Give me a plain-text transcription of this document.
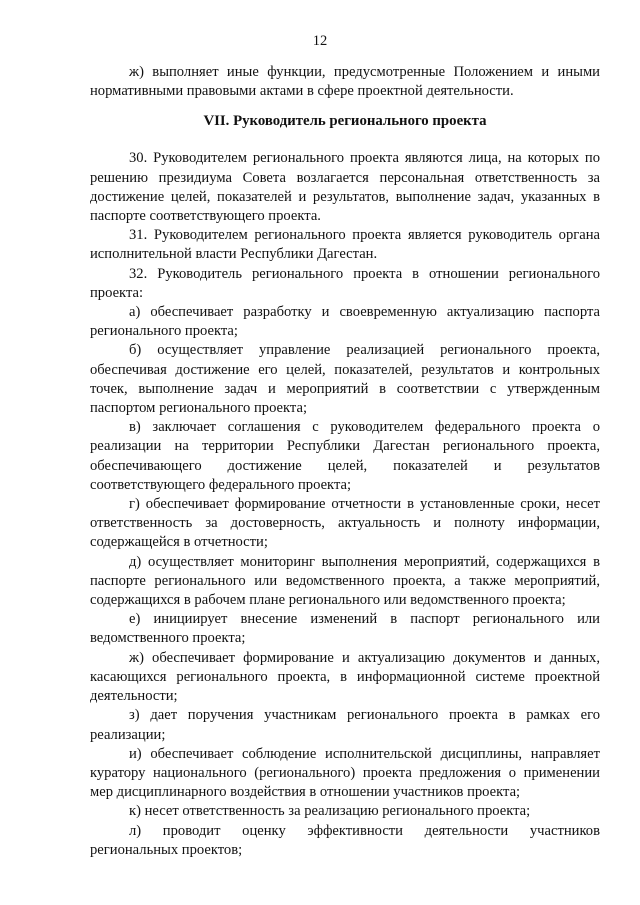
12

ж) выполняет иные функции, предусмотренные Положением и иными нормативными правовыми актами в сфере проектной деятельности.

VII. Руководитель регионального проекта

30. Руководителем регионального проекта являются лица, на которых по решению президиума Совета возлагается персональная ответственность за достижение целей, показателей и результатов, выполнение задач, указанных в паспорте соответствующего проекта.

31. Руководителем регионального проекта является руководитель органа исполнительной власти Республики Дагестан.

32. Руководитель регионального проекта в отношении регионального проекта:

а) обеспечивает разработку и своевременную актуализацию паспорта регионального проекта;

б) осуществляет управление реализацией регионального проекта, обеспечивая достижение его целей, показателей, результатов и контрольных точек, выполнение задач и мероприятий в соответствии с утвержденным паспортом регионального проекта;

в) заключает соглашения с руководителем федерального проекта о реализации на территории Республики Дагестан регионального проекта, обеспечивающего достижение целей, показателей и результатов соответствующего федерального проекта;

г) обеспечивает формирование отчетности в установленные сроки, несет ответственность за достоверность, актуальность и полноту информации, содержащейся в отчетности;

д) осуществляет мониторинг выполнения мероприятий, содержащихся в паспорте регионального или ведомственного проекта, а также мероприятий, содержащихся в рабочем плане регионального или ведомственного проекта;

е) инициирует внесение изменений в паспорт регионального или ведомственного проекта;

ж) обеспечивает формирование и актуализацию документов и данных, касающихся регионального проекта, в информационной системе проектной деятельности;

з) дает поручения участникам регионального проекта в рамках его реализации;

и) обеспечивает соблюдение исполнительской дисциплины, направляет куратору национального (регионального) проекта предложения о применении мер дисциплинарного воздействия в отношении участников проекта;

к) несет ответственность за реализацию регионального проекта;

л) проводит оценку эффективности деятельности участников региональных проектов;
